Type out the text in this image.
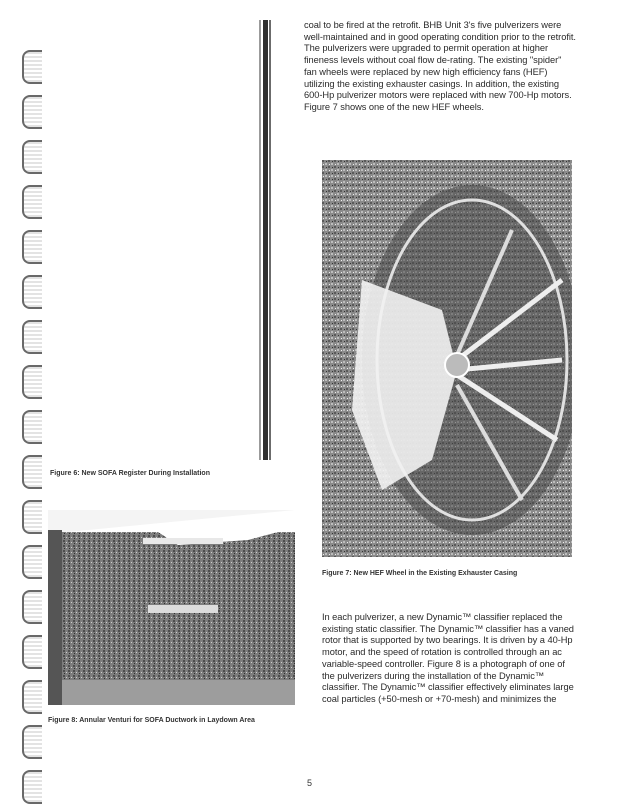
Figure 6: New SOFA Register During Installation
coal to be fired at the retrofit. BHB Unit 3's five pulverizers were well-maintained and in good operating condition prior to the retrofit. The pulverizers were upgraded to permit operation at higher fineness levels without coal flow de-rating. The existing "spider" fan wheels were replaced by new high efficiency fans (HEF) utilizing the existing exhauster casings. In addition, the existing 600-Hp pulverizer motors were replaced with new 700-Hp motors. Figure 7 shows one of the new HEF wheels.
Figure 7: New HEF Wheel in the Existing Exhauster Casing
Figure 8: Annular Venturi for SOFA Ductwork in Laydown Area
In each pulverizer, a new Dynamic™ classifier replaced the existing static classifier. The Dynamic™ classifier has a vaned rotor that is supported by two bearings. It is driven by a 40-Hp motor, and the speed of rotation is controlled through an ac variable-speed controller. Figure 8 is a photograph of one of the pulverizers during the installation of the Dynamic™ classifier. The Dynamic™ classifier effectively eliminates large coal particles (+50-mesh or +70-mesh) and minimizes the
5
